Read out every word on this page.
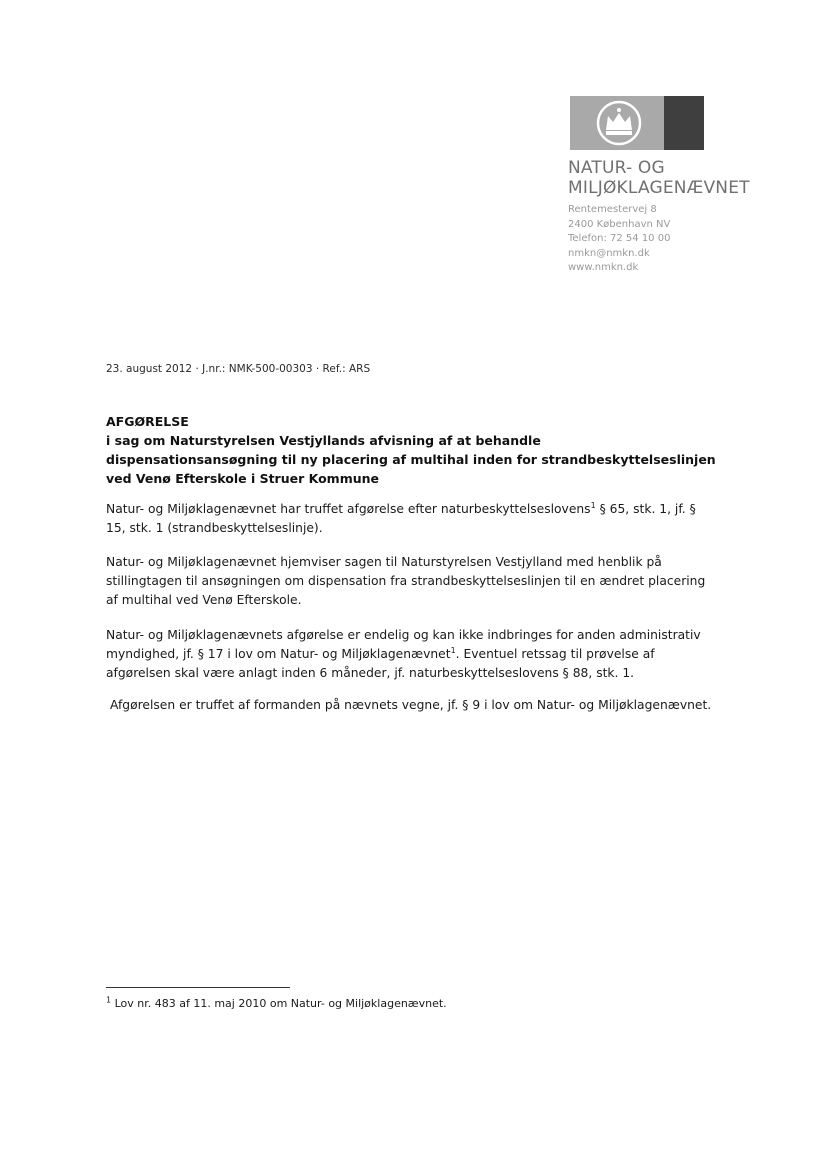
NATUR- OG
MILJØKLAGENÆVNET
Rentemestervej 8
2400 København NV
Telefon: 72 54 10 00
nmkn@nmkn.dk
www.nmkn.dk
23. august 2012 · J.nr.: NMK-500-00303 · Ref.: ARS
AFGØRELSE
i sag om Naturstyrelsen Vestjyllands afvisning af at behandle dispensationsansøgning til ny placering af multihal inden for strandbeskyttelseslinjen ved Venø Efterskole i Struer Kommune
Natur- og Miljøklagenævnet har truffet afgørelse efter naturbeskyttelseslovens$^1$ § 65, stk. 1, jf. § 15, stk. 1 (strandbeskyttelseslinje).
Natur- og Miljøklagenævnet hjemviser sagen til Naturstyrelsen Vestjylland med henblik på stillingtagen til ansøgningen om dispensation fra strandbeskyttelseslinjen til en ændret placering af multihal ved Venø Efterskole.
Natur- og Miljøklagenævnets afgørelse er endelig og kan ikke indbringes for anden administrativ myndighed, jf. § 17 i lov om Natur- og Miljøklagenævnet$^1$. Eventuel retssag til prøvelse af afgørelsen skal være anlagt inden 6 måneder, jf. naturbeskyttelseslovens § 88, stk. 1.
Afgørelsen er truffet af formanden på nævnets vegne, jf. § 9 i lov om Natur- og Miljøklagenævnet.
$^1$ Lov nr. 483 af 11. maj 2010 om Natur- og Miljøklagenævnet.
